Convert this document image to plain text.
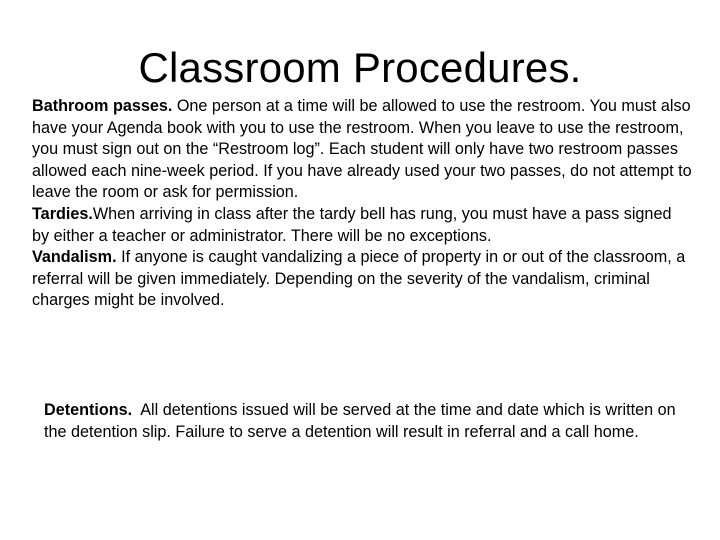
Classroom Procedures.

Bathroom passes. One person at a time will be allowed to use the restroom. You must also have your Agenda book with you to use the restroom. When you leave to use the restroom, you must sign out on the “Restroom log”. Each student will only have two restroom passes allowed each nine-week period. If you have already used your two passes, do not attempt to leave the room or ask for permission.

Tardies.When arriving in class after the tardy bell has rung, you must have a pass signed by either a teacher or administrator. There will be no exceptions.

Vandalism. If anyone is caught vandalizing a piece of property in or out of the classroom, a referral will be given immediately. Depending on the severity of the vandalism, criminal charges might be involved.

Detentions.  All detentions issued will be served at the time and date which is written on the detention slip. Failure to serve a detention will result in referral and a call home.
